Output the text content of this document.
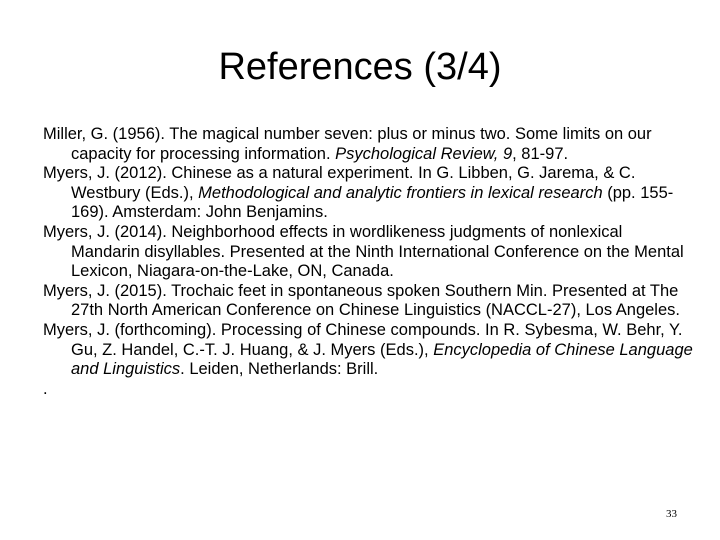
References (3/4)

Miller, G. (1956). The magical number seven: plus or minus two. Some limits on our capacity for processing information. Psychological Review, 9, 81-97.

Myers, J. (2012). Chinese as a natural experiment. In G. Libben, G. Jarema, & C. Westbury (Eds.), Methodological and analytic frontiers in lexical research (pp. 155-169). Amsterdam: John Benjamins.

Myers, J. (2014). Neighborhood effects in wordlikeness judgments of nonlexical Mandarin disyllables. Presented at the Ninth International Conference on the Mental Lexicon, Niagara-on-the-Lake, ON, Canada.

Myers, J. (2015). Trochaic feet in spontaneous spoken Southern Min. Presented at The 27th North American Conference on Chinese Linguistics (NACCL-27), Los Angeles.

Myers, J. (forthcoming). Processing of Chinese compounds. In R. Sybesma, W. Behr, Y. Gu, Z. Handel, C.-T. J. Huang, & J. Myers (Eds.), Encyclopedia of Chinese Language and Linguistics. Leiden, Netherlands: Brill.

.

33
